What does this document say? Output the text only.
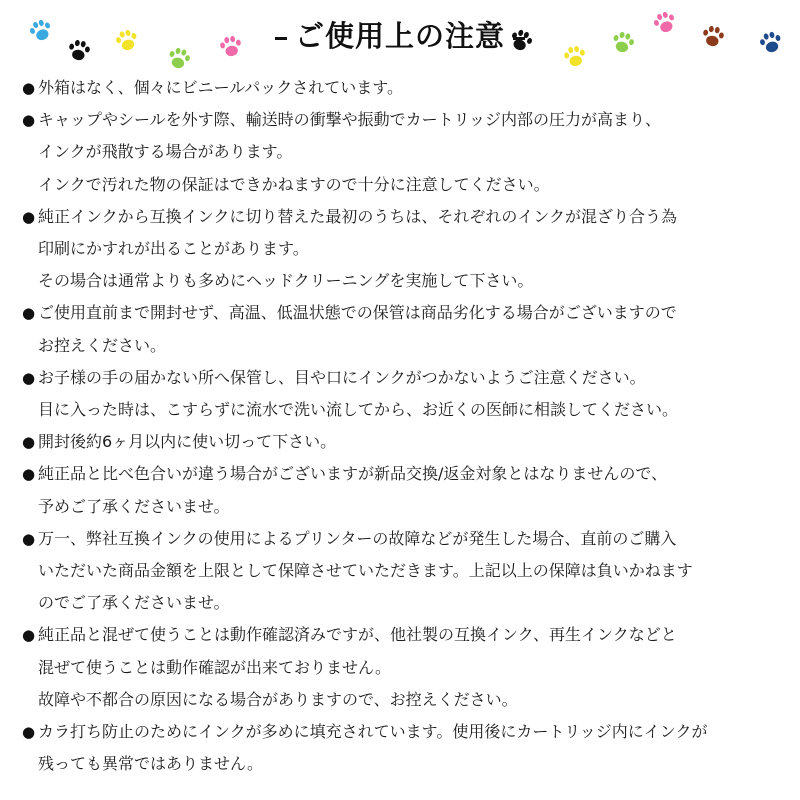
ご使用上の注意
● 外箱はなく、個々にビニールパックされています。
● キャップやシールを外す際、輸送時の衝撃や振動でカートリッジ内部の圧力が高まり、
インクが飛散する場合があります。
インクで汚れた物の保証はできかねますので十分に注意してください。
● 純正インクから互換インクに切り替えた最初のうちは、それぞれのインクが混ざり合う為
印刷にかすれが出ることがあります。
その場合は通常よりも多めにヘッドクリーニングを実施して下さい。
● ご使用直前まで開封せず、高温、低温状態での保管は商品劣化する場合がございますので
お控えください。
● お子様の手の届かない所へ保管し、目や口にインクがつかないようご注意ください。
目に入った時は、こすらずに流水で洗い流してから、お近くの医師に相談してください。
● 開封後約6ヶ月以内に使い切って下さい。
● 純正品と比べ色合いが違う場合がございますが新品交換/返金対象とはなりませんので、
予めご了承くださいませ。
● 万一、弊社互換インクの使用によるプリンターの故障などが発生した場合、直前のご購入
いただいた商品金額を上限として保障させていただきます。上記以上の保障は負いかねます
のでご了承くださいませ。
● 純正品と混ぜて使うことは動作確認済みですが、他社製の互換インク、再生インクなどと
混ぜて使うことは動作確認が出来ておりません。
故障や不都合の原因になる場合がありますので、お控えください。
● カラ打ち防止のためにインクが多めに填充されています。使用後にカートリッジ内にインクが
残っても異常ではありません。
